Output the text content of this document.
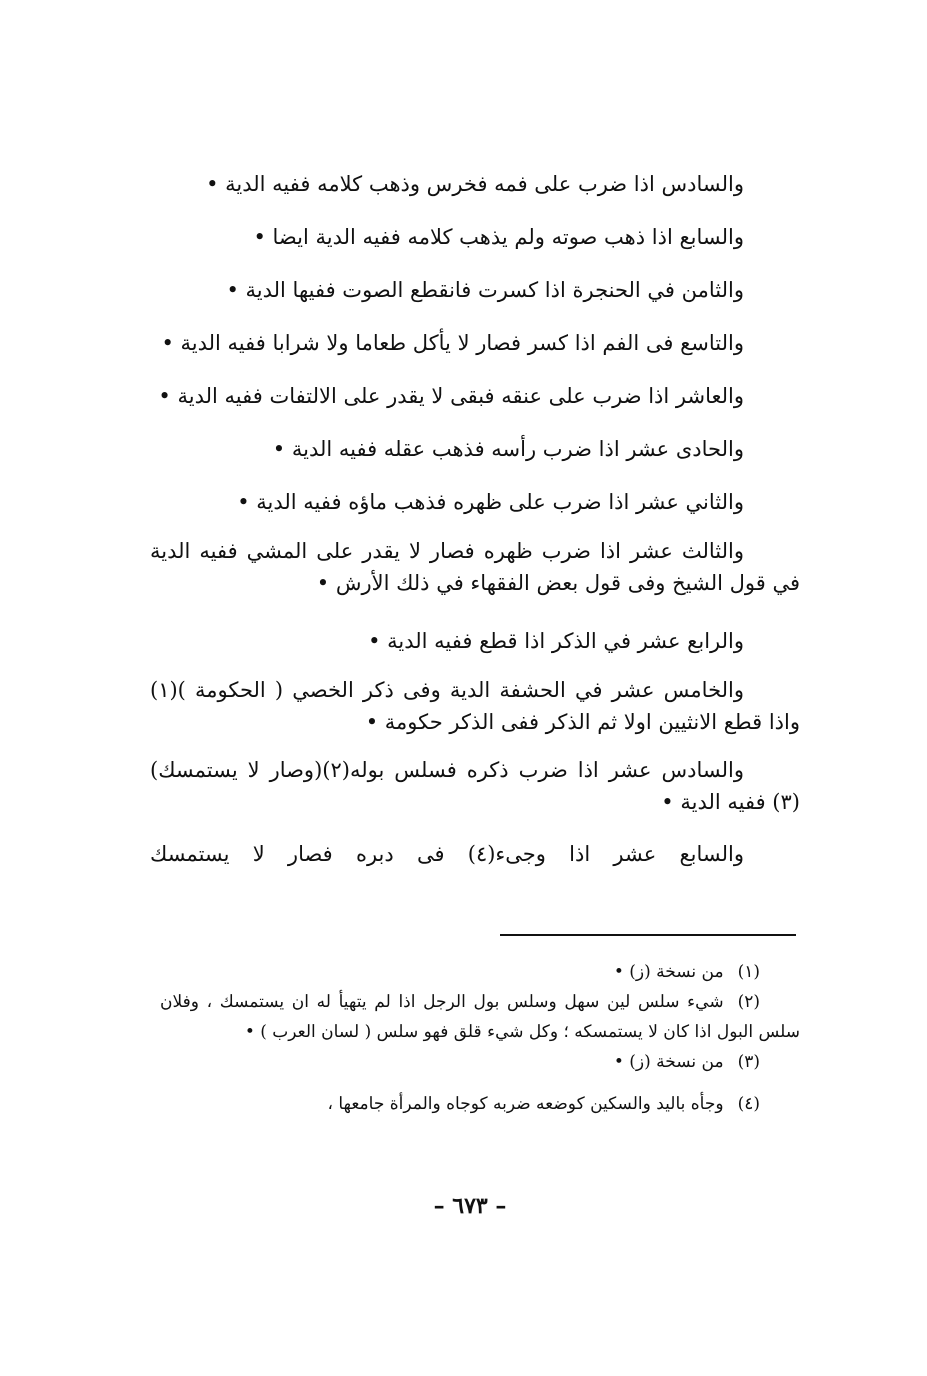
والسادس اذا ضرب على فمه فخرس وذهب كلامه ففيه الدية •

والسابع اذا ذهب صوته ولم يذهب كلامه ففيه الدية ايضا •

والثامن في الحنجرة اذا كسرت فانقطع الصوت ففيها الدية •

والتاسع فى الفم اذا كسر فصار لا يأكل طعاما ولا شرابا ففيه الدية •

والعاشر اذا ضرب على عنقه فبقى لا يقدر على الالتفات ففيه الدية •

والحادى عشر اذا ضرب رأسه فذهب عقله ففيه الدية •

والثاني عشر اذا ضرب على ظهره فذهب ماؤه ففيه الدية •

والثالث عشر اذا ضرب ظهره فصار لا يقدر على المشي ففيه الدية في قول الشيخ وفى قول بعض الفقهاء في ذلك الأرش •

والرابع عشر في الذكر اذا قطع ففيه الدية •

والخامس عشر في الحشفة الدية وفى ذكر الخصي ( الحكومة )(١) واذا قطع الانثيين اولا ثم الذكر ففى الذكر حكومة •

والسادس عشر اذا ضرب ذكره فسلس بوله(٢)(وصار لا يستمسك)(٣) ففيه الدية •

والسابع عشر اذا وجىء(٤) فى دبره فصار لا يستمسك

(١)من نسخة (ز) •

(٢)شيء سلس لين سهل وسلس بول الرجل اذا لم يتهيأ له ان يستمسك ، وفلان سلس البول اذا كان لا يستمسكه ؛ وكل شيء قلق فهو سلس ( لسان العرب ) •

(٣)من نسخة (ز) •

(٤)وجأه باليد والسكين كوضعه ضربه كوجاه والمرأة جامعها ،

– ٦٧٣ –
